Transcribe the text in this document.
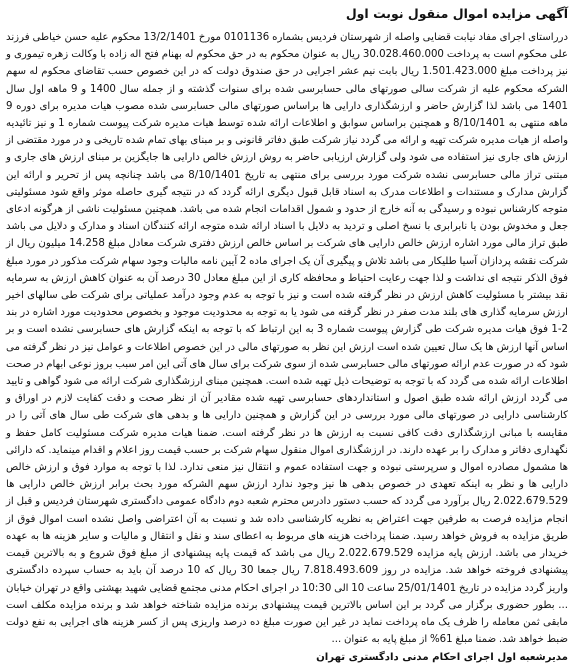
آگهی مزایده اموال منقول نوبت اول

درراستای اجرای مفاد نیابت قضایی واصله از شهرستان فردیس بشماره 0101136 مورخ 13/2/1401 محکوم علیه حسن خیاطی فرزند علی محکوم است به پرداخت 30.028.460.000 ریال به عنوان محکوم به در حق محکوم له بهنام فتح اله زاده با وکالت زهره تیموری و نیز پرداخت مبلغ 1.501.423.000 ریال بابت نیم عشر اجرایی در حق صندوق دولت که در این خصوص حسب تقاضای محکوم له سهم الشرکه محکوم علیه از شرکت سالی صورتهای مالی حسابرسی شده برای سنوات گذشته و از جمله سال 1400 و 9 ماهه اول سال 1401 می باشد لذا گزارش حاضر و ارزشگذاری دارایی ها براساس صورتهای مالی حسابرسی شده مصوب هیات مدیره برای دوره 9 ماهه منتهی به 8/10/1401 و همچنین براساس سوابق و اطلاعات ارائه شده توسط هیات مدیره شرکت پیوست شماره 1 و نیز تائیدیه واصله از هیات مدیره شرکت تهیه و ارائه می گردد نیاز شرکت طبق دفاتر قانونی و بر مبنای بهای تمام شده تاریخی و در مورد مقتضی از ارزش های جاری نیز استفاده می شود ولی گزارش ارزیابی حاضر به روش ارزش خالص دارایی ها جایگزین بر مبنای ارزش های جاری و مبتنی تراز مالی حسابرسی نشده شرکت مورد بررسی برای منتهی به تاریخ 8/10/1401 می باشد چنانچه پس از تحریر و ارائه این گزارش مدارک و مستندات و اطلاعات مدرک به اسناد قابل قبول دیگری ارائه گردد که در نتیجه گیری حاصله موثر واقع شود مسئولیتی متوجه کارشناس نبوده و رسیدگی به آنه خارج از حدود و شمول اقدامات انجام شده می باشد. همچنین مسئولیت ناشی از هرگونه ادعای جعل و مخدوش بودن یا نابرابری با نسخ اصلی و تردید به دلایل با اسناد ارائه شده متوجه ارائه کنندگان اسناد و مدارک و دلایل می باشد طبق تراز مالی مورد اشاره ارزش خالص دارایی های شرکت بر اساس خالص ارزش دفتری شرکت معادل مبلغ 14.258 میلیون ریال از شرکت نقشه پردازان آسیا طلیکار می باشد تلاش و پیگیری آن یک اجرای ماده 2 آیین نامه مالیات وجود سهام شرکت مذکور در مورد مبلغ فوق الذکر نتیجه ای نداشت و لذا جهت رعایت احتیاط و محافظه کاری از این مبلغ معادل 30 درصد آن به عنوان کاهش ارزش به سرمایه نقد بیشتر با مسئولیت کاهش ارزش در نظر گرفته شده است و نیز با توجه به عدم وجود درآمد عملیاتی برای شرکت طی سالهای اخیر ارزش سرمایه گذاری های بلند مدت صفر در نظر گرفته می شود یا به توجه به محدودیت موجود و بخصوص محدودیت مورد اشاره در بند 2-1 فوق هیات مدیره شرکت طی گزارش پیوست شماره 3 به این ارتباط که با توجه به اینکه گزارش های حسابرسی نشده است و بر اساس آنها ارزش ها یک سال تعیین شده است ارزش این نظر به صورتهای مالی در این خصوص اطلاعات و عوامل نیز در نظر گرفته می شود که در صورت عدم ارائه صورتهای مالی حسابرسی شده از سوی شرکت برای سال های آتی این امر سبب بروز نوعی ابهام در صحت اطلاعات ارائه شده می گردد که با توجه به توضیحات ذیل تهیه شده است. همچنین مبنای ارزشگذاری شرکت ارائه می شود گواهی و تایید می گردد ارزش ارائه شده طبق اصول و استانداردهای حسابرسی تهیه شده مقادیر آن از نظر صحت و دقت کفایت لازم در اوراق و کارشناسی دارایی در صورتهای مالی مورد بررسی در این گزارش و همچنین دارایی ها و بدهی های شرکت طی سال های آتی را در مقایسه با مبانی ارزشگذاری دقت کافی نسبت به ارزش ها در نظر گرفته است. ضمنا هیات مدیره شرکت مسئولیت کامل حفظ و نگهداری دفاتر و مدارک را بر عهده دارند. در ارزشگذاری اموال منقول سهام شرکت بر حسب قیمت روز اعلام و اقدام مینماید. که دارائی ها مشمول مصادره اموال و سرپرستی نبوده و جهت استفاده عموم و انتقال نیز منعی ندارد. لذا با توجه به موارد فوق و ارزش خالص دارایی ها و نظر به اینکه تعهدی در خصوص بدهی ها نیز وجود ندارد ارزش سهم الشرکه مورد بحث برابر ارزش خالص دارایی ها 2.022.679.529 ریال برآورد می گردد که حسب دستور دادرس محترم شعبه دوم دادگاه عمومی دادگستری شهرستان فردیس و قبل از انجام مزایده فرصت به طرفین جهت اعتراض به نظریه کارشناسی داده شد و نسبت به آن اعتراضی واصل نشده است اموال فوق از طریق مزایده به فروش خواهد رسید. ضمنا پرداخت هزینه های مربوط به اعطای سند و نقل و انتقال و مالیات و سایر هزینه ها به عهده خریدار می باشد. ارزش پایه مزایده 2.022.679.529 ریال می باشد که قیمت پایه پیشنهادی از مبلغ فوق شروع و به بالاترین قیمت پیشنهادی فروخته خواهد شد. مزایده در روز 7.818.493.609 ریال جمعا 30 ریال که 10 درصد آن باید به حساب سپرده دادگستری واریز گردد مزایده در تاریخ 25/01/1401 ساعت 10 الی 10:30 در اجرای احکام مدنی مجتمع قضایی شهید بهشتی واقع در تهران خیابان ... بطور حضوری برگزار می گردد بر این اساس بالاترین قیمت پیشنهادی برنده مزایده شناخته خواهد شد و برنده مزایده مکلف است مابقی ثمن معامله را ظرف یک ماه پرداخت نماید در غیر این صورت مبلغ ده درصد واریزی پس از کسر هزینه های اجرایی به نفع دولت ضبط خواهد شد. ضمنا مبلغ 61% از مبلغ پایه به عنوان ...

مدیرشعبه اول اجرای احکام مدنی دادگستری تهران
